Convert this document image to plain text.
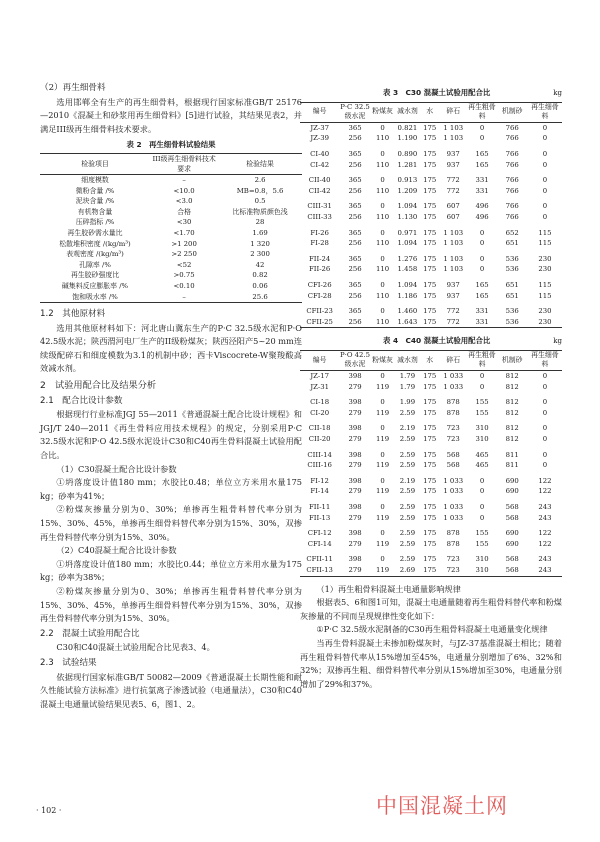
（2）再生细骨料

选用邯郸全有生产的再生细骨料，根据现行国家标准GB/T 25176—2010《混凝土和砂浆用再生细骨料》[5]进行试验，其结果见表2，并满足III级再生细骨料技术要求。

表 2　再生细骨料试验结果
检验项目	III级再生细骨料技术要求	检验结果
细度模数	–	2.6
微粉含量 /%	<10.0	MB=0.8，5.6
泥块含量 /%	<3.0	0.5
有机物含量	合格	比标准物质颜色浅
压碎指标 /%	<30	28
再生胶砂需水量比	<1.70	1.69
松散堆积密度 /(kg/m³)	>1 200	1 320
表观密度 /(kg/m³)	>2 250	2 300
孔隙率 /%	<52	42
再生胶砂强度比	>0.75	0.82
碱集料反应膨胀率 /%	<0.10	0.06
饱和吸水率 /%	–	25.6
1.2　其他原材料

选用其他原材料如下：河北唐山冀东生产的P·C 32.5级水泥和P·O 42.5级水泥；陕西渭河电厂生产的II级粉煤灰；陕西泾阳产5~20 mm连续级配碎石和细度模数为3.1的机制中砂；西卡Viscocrete-W聚羧酸高效减水剂。

2　试验用配合比及结果分析
2.1　配合比设计参数

根据现行行业标准JGJ 55—2011《普通混凝土配合比设计规程》和JGJ/T 240—2011《再生骨料应用技术规程》的规定，分别采用P·C 32.5级水泥和P·O 42.5级水泥设计C30和C40再生骨料混凝土试验用配合比。

（1）C30混凝土配合比设计参数

①坍落度设计值180 mm；水胶比0.48；单位立方米用水量175 kg；砂率为41%；

②粉煤灰掺量分别为0、30%；单掺再生粗骨料替代率分别为15%、30%、45%，单掺再生细骨料替代率分别为15%、30%，双掺再生骨料替代率分别为15%、30%。

（2）C40混凝土配合比设计参数

①坍落度设计值180 mm；水胶比0.44；单位立方米用水量为175 kg；砂率为38%；

②粉煤灰掺量分别为0、30%；单掺再生粗骨料替代率分别为15%、30%、45%，单掺再生细骨料替代率分别为15%、30%，双掺再生骨料替代率分别为15%、30%。

2.2　混凝土试验用配合比

C30和C40混凝土试验用配合比见表3、4。

2.3　试验结果

依据现行国家标准GB/T 50082—2009《普通混凝土长期性能和耐久性能试验方法标准》进行抗氯离子渗透试验（电通量法），C30和C40混凝土电通量试验结果见表5、6，图1、2。

表 3　C30 混凝土试验用配合比	kg
编号	P·C 32.5级水泥	粉煤灰	减水剂	水	碎石	再生粗骨料	机制砂	再生细骨料
JZ-37	365	0	0.821	175	1 103	0	766	0
JZ-39	256	110	1.190	175	1 103	0	766	0
CI-40	365	0	0.890	175	937	165	766	0
CI-42	256	110	1.281	175	937	165	766	0
CII-40	365	0	0.913	175	772	331	766	0
CII-42	256	110	1.209	175	772	331	766	0
CIII-31	365	0	1.094	175	607	496	766	0
CIII-33	256	110	1.130	175	607	496	766	0
FI-26	365	0	0.971	175	1 103	0	652	115
FI-28	256	110	1.094	175	1 103	0	651	115
FII-24	365	0	1.276	175	1 103	0	536	230
FII-26	256	110	1.458	175	1 103	0	536	230
CFI-26	365	0	1.094	175	937	165	651	115
CFI-28	256	110	1.186	175	937	165	651	115
CFII-23	365	0	1.460	175	772	331	536	230
CFII-25	256	110	1.643	175	772	331	536	230
表 4　C40 混凝土试验用配合比	kg
编号	P·O 42.5级水泥	粉煤灰	减水剂	水	碎石	再生粗骨料	机制砂	再生细骨料
JZ-17	398	0	1.79	175	1 033	0	812	0
JZ-31	279	119	1.79	175	1 033	0	812	0
CI-18	398	0	1.99	175	878	155	812	0
CI-20	279	119	2.59	175	878	155	812	0
CII-18	398	0	2.19	175	723	310	812	0
CII-20	279	119	2.59	175	723	310	812	0
CIII-14	398	0	2.59	175	568	465	811	0
CIII-16	279	119	2.59	175	568	465	811	0
FI-12	398	0	2.19	175	1 033	0	690	122
FI-14	279	119	2.59	175	1 033	0	690	122
FII-11	398	0	2.59	175	1 033	0	568	243
FII-13	279	119	2.59	175	1 033	0	568	243
CFI-12	398	0	2.59	175	878	155	690	122
CFI-14	279	119	2.59	175	878	155	690	122
CFII-11	398	0	2.59	175	723	310	568	243
CFII-13	279	119	2.69	175	723	310	568	243

（1）再生粗骨料混凝土电通量影响规律

根据表5、6和图1可知，混凝土电通量随着再生粗骨料替代率和粉煤灰掺量的不同而呈现规律性变化如下：

①P·C 32.5级水泥制备的C30再生粗骨料混凝土电通量变化规律

当再生骨料混凝土未掺加粉煤灰时，与JZ-37基准混凝土相比；随着再生粗骨料替代率从15%增加至45%，电通量分别增加了6%、32%和32%；双掺再生粗、细骨料替代率分别从15%增加至30%，电通量分别增加了29%和37%。

· 102 ·	中国混凝土网
